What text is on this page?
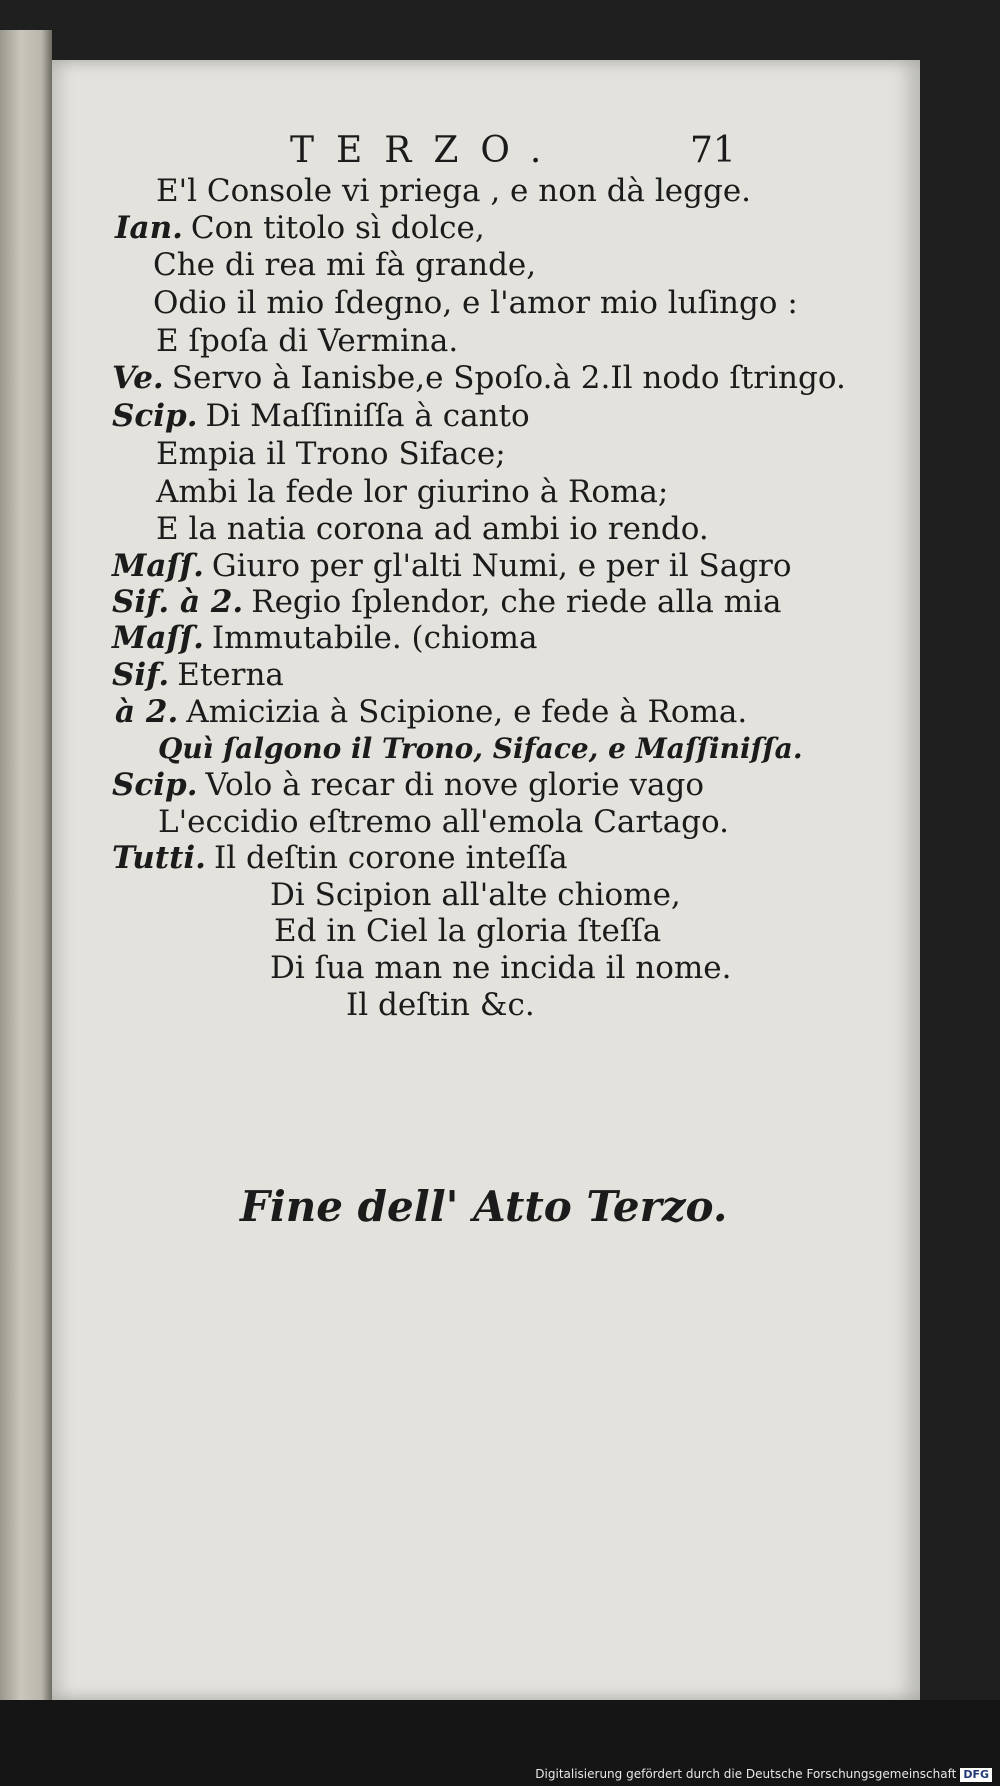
TERZO.	71
E'l Console vi priega , e non dà legge.
Ian. Con titolo sì dolce,
Che di rea mi fà grande,
Odio il mio ſdegno, e l'amor mio luſingo :
E ſpoſa di Vermina.
Ve. Servo à Ianisbe,e Spoſo.à 2.Il nodo ſtringo.
Scip. Di Maſſiniſſa à canto
Empia il Trono Siface;
Ambi la fede lor giurino à Roma;
E la natia corona ad ambi io rendo.
Maſſ. Giuro per gl'alti Numi, e per il Sagro
Sif. à 2. Regio ſplendor, che riede alla mia
Maſſ. Immutabile. (chioma
Sif. Eterna
à 2. Amicizia à Scipione, e fede à Roma.
Quì ſalgono il Trono, Siface, e Maſſiniſſa.
Scip. Volo à recar di nove glorie vago
L'eccidio eſtremo all'emola Cartago.
Tutti. Il deſtin corone inteſſa
Di Scipion all'alte chiome,
Ed in Ciel la gloria ſteſſa
Di ſua man ne incida il nome.
Il deſtin &c.
Fine dell' Atto Terzo.
Digitalisierung gefördert durch die Deutsche Forschungsgemeinschaft DFG
